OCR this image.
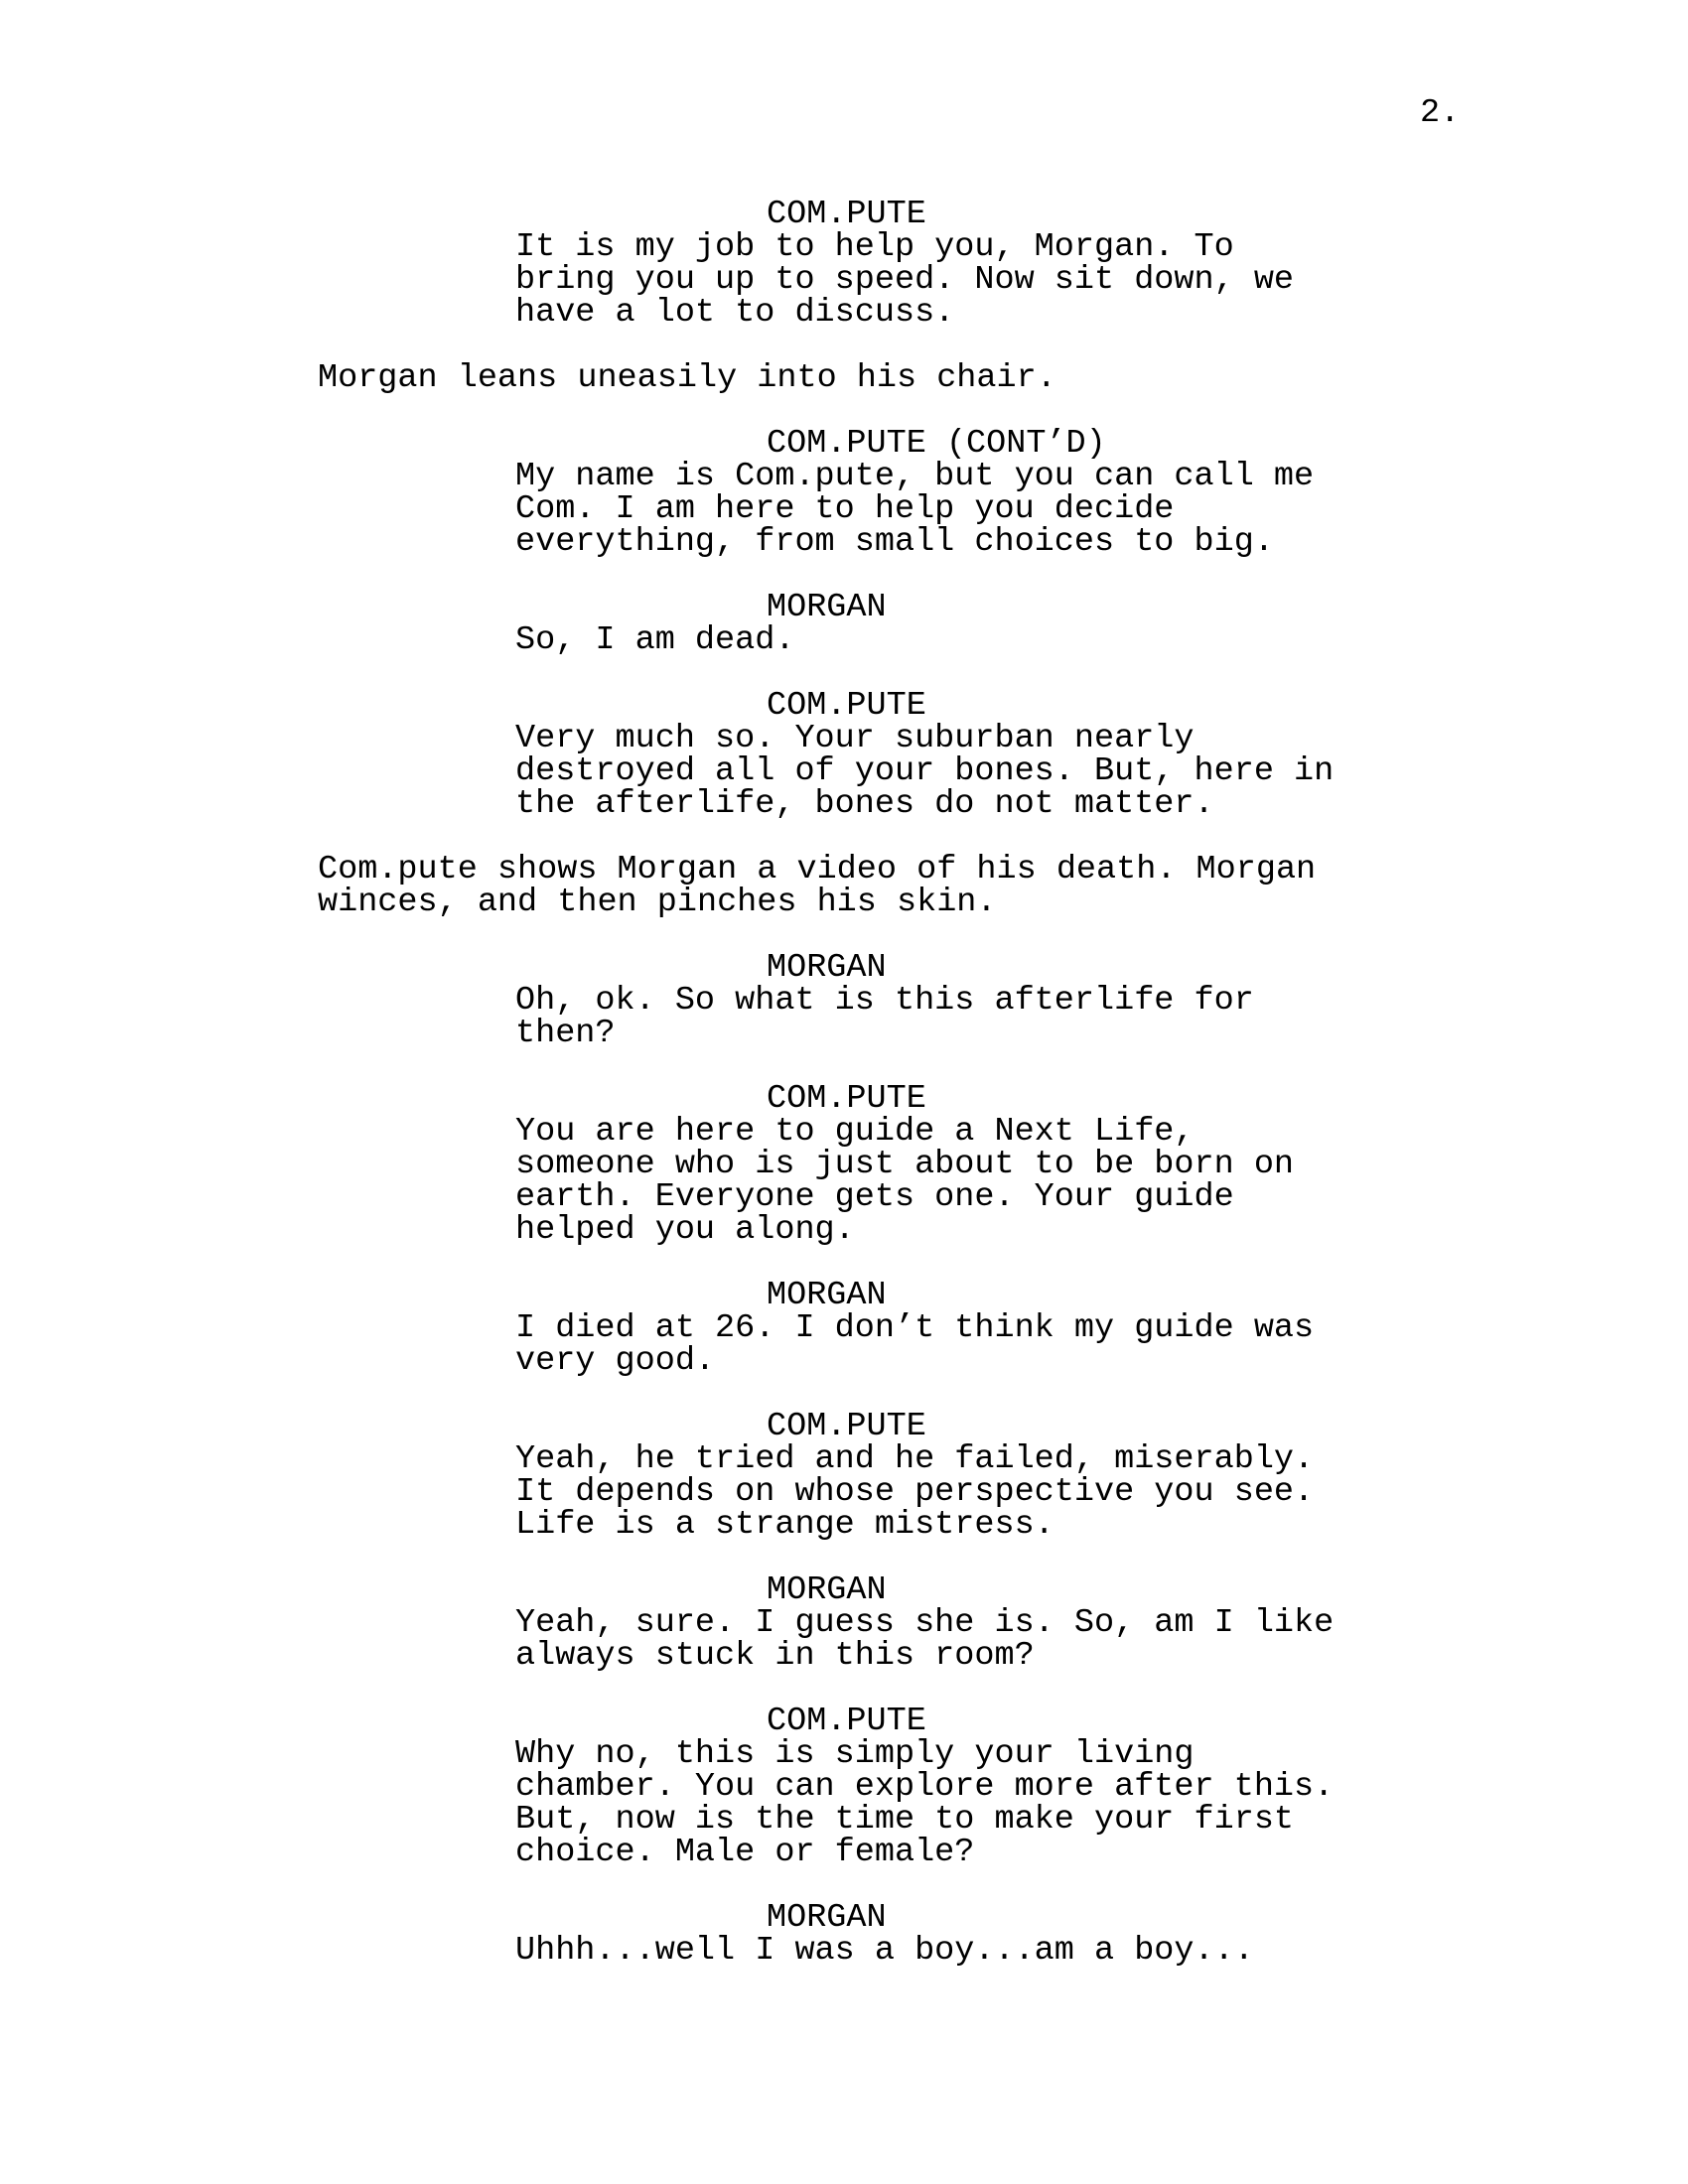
2.
COM.PUTE
It is my job to help you, Morgan. To
bring you up to speed. Now sit down, we
have a lot to discuss.
Morgan leans uneasily into his chair.
COM.PUTE (CONT’D)
My name is Com.pute, but you can call me
Com. I am here to help you decide
everything, from small choices to big.
MORGAN
So, I am dead.
COM.PUTE
Very much so. Your suburban nearly
destroyed all of your bones. But, here in
the afterlife, bones do not matter.
Com.pute shows Morgan a video of his death. Morgan
winces, and then pinches his skin.
MORGAN
Oh, ok. So what is this afterlife for
then?
COM.PUTE
You are here to guide a Next Life,
someone who is just about to be born on
earth. Everyone gets one. Your guide
helped you along.
MORGAN
I died at 26. I don’t think my guide was
very good.
COM.PUTE
Yeah, he tried and he failed, miserably.
It depends on whose perspective you see.
Life is a strange mistress.
MORGAN
Yeah, sure. I guess she is. So, am I like
always stuck in this room?
COM.PUTE
Why no, this is simply your living
chamber. You can explore more after this.
But, now is the time to make your first
choice. Male or female?
MORGAN
Uhhh...well I was a boy...am a boy...
